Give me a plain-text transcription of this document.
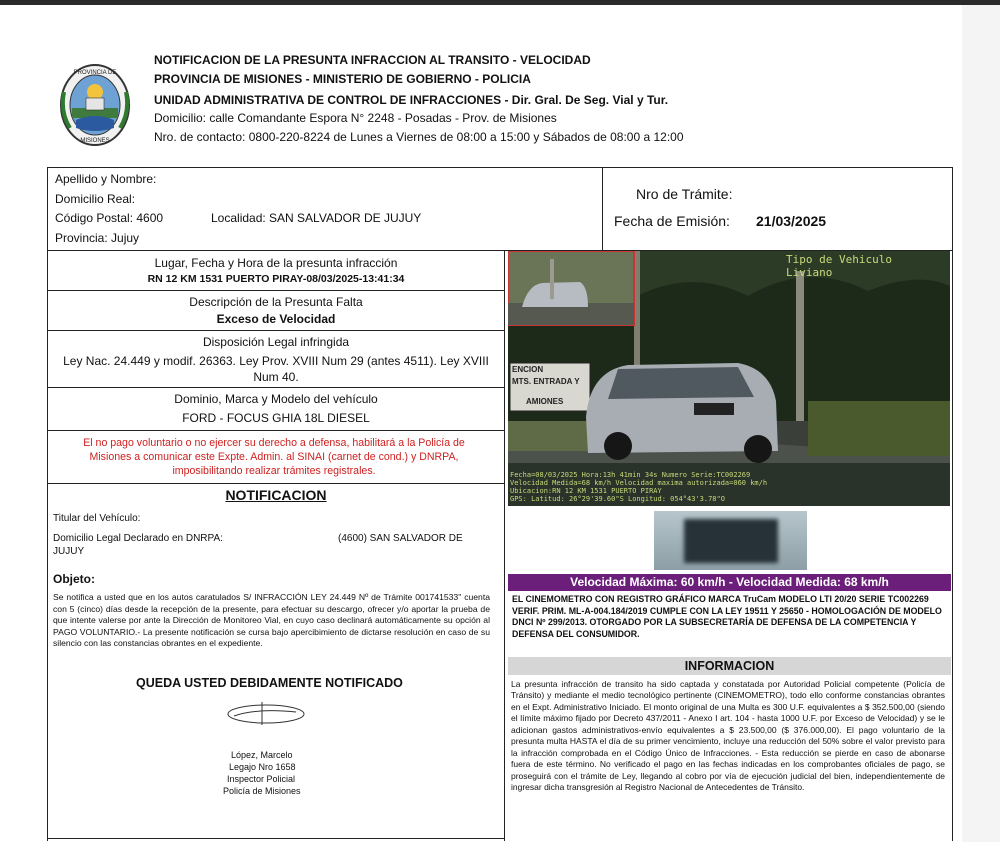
PROVINCIA DE
MISIONES
NOTIFICACION DE LA PRESUNTA INFRACCION AL TRANSITO - VELOCIDAD
PROVINCIA DE MISIONES - MINISTERIO DE GOBIERNO - POLICIA
UNIDAD ADMINISTRATIVA DE CONTROL DE INFRACCIONES - Dir. Gral. De Seg. Vial y Tur.
Domicilio: calle Comandante Espora N° 2248 - Posadas - Prov. de Misiones
Nro. de contacto: 0800-220-8224 de Lunes a Viernes de 08:00 a 15:00 y Sábados de 08:00 a 12:00
Apellido y Nombre:
Domicilio Real:
Código Postal: 4600	Localidad: SAN SALVADOR DE JUJUY
Provincia: Jujuy
Nro de Trámite:
Fecha de Emisión: 21/03/2025
Lugar, Fecha y Hora de la presunta infracción
RN 12 KM 1531 PUERTO PIRAY-08/03/2025-13:41:34
Descripción de la Presunta Falta
Exceso de Velocidad
Disposición Legal infringida
Ley Nac. 24.449 y modif. 26363. Ley Prov. XVIII Num 29 (antes 4511). Ley XVIII Num 40.
Dominio, Marca y Modelo del vehículo
FORD - FOCUS GHIA 18L DIESEL
El no pago voluntario o no ejercer su derecho a defensa, habilitará a la Policía de Misiones a comunicar este Expte. Admin. al SINAI (carnet de cond.) y DNRPA, imposibilitando realizar trámites registrales.
NOTIFICACION
Titular del Vehículo:
Domicilio Legal Declarado en DNRPA:	(4600) SAN SALVADOR DE
JUJUY
Objeto:
Se notifica a usted que en los autos caratulados S/ INFRACCIÓN LEY 24.449 Nº de Trámite 001741533" cuenta con 5 (cinco) días desde la recepción de la presente, para efectuar su descargo, ofrecer y/o aportar la prueba de que intente valerse por ante la Dirección de Monitoreo Vial, en cuyo caso declinará automáticamente su opción al PAGO VOLUNTARIO.- La presente notificación se cursa bajo apercibimiento de dictarse resolución en caso de su silencio con las constancias obrantes en el expediente.
QUEDA USTED DEBIDAMENTE NOTIFICADO
López, Marcelo
Legajo Nro 1658
Inspector Policial
Policía de Misiones
Tipo de Vehiculo
Liviano
ENCION
MTS. ENTRADA Y
AMIONES
Fecha=08/03/2025 Hora:13h 41min 34s Numero Serie:TC002269
Velocidad Medida=68 km/h Velocidad maxima autorizada=060 km/h
Ubicacion:RN 12 KM 1531 PUERTO PIRAY
GPS: Latitud: 26°29'39.60"S Longitud: 054°43'3.78"O
Velocidad Máxima: 60 km/h - Velocidad Medida: 68 km/h
EL CINEMOMETRO CON REGISTRO GRÁFICO MARCA TruCam MODELO LTI 20/20 SERIE TC002269 VERIF. PRIM. ML-A-004.184/2019 CUMPLE CON LA LEY 19511 Y 25650 - HOMOLOGACIÓN DE MODELO DNCI Nº 299/2013. OTORGADO POR LA SUBSECRETARÍA DE DEFENSA DE LA COMPETENCIA Y DEFENSA DEL CONSUMIDOR.
INFORMACION
La presunta infracción de transito ha sido captada y constatada por Autoridad Policial competente (Policía de Tránsito) y mediante el medio tecnológico pertinente (CINEMOMETRO), todo ello conforme constancias obrantes en el Expt. Administrativo Iniciado. El monto original de una Multa es 300 U.F. equivalentes a $ 352.500,00 (siendo el límite máximo fijado por Decreto 437/2011 - Anexo I art. 104 - hasta 1000 U.F. por Exceso de Velocidad) y se le adicionan gastos administrativos-envío equivalentes a $ 23.500,00 ($ 376.000,00). El pago voluntario de la presunta multa HASTA el día de su primer vencimiento, incluye una reducción del 50% sobre el valor previsto para la infracción comprobada en el Código Único de Infracciones. - Esta reducción se pierde en caso de abonarse fuera de este término. No verificado el pago en las fechas indicadas en los comprobantes oficiales de pago, se proseguirá con el trámite de Ley, llegando al cobro por vía de ejecución judicial del bien, independientemente de ingresar dicha transgresión al Registro Nacional de Antecedentes de Tránsito.
